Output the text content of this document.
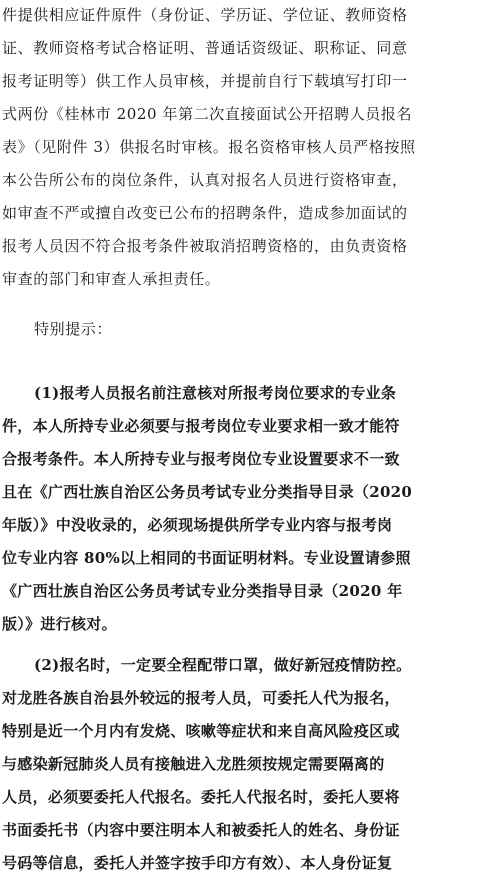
件提供相应证件原件（身份证、学历证、学位证、教师资格
证、教师资格考试合格证明、普通话资级证、职称证、同意
报考证明等）供工作人员审核，并提前自行下载填写打印一
式两份《桂林市 2020 年第二次直接面试公开招聘人员报名
表》（见附件 3）供报名时审核。报名资格审核人员严格按照
本公告所公布的岗位条件，认真对报名人员进行资格审查，
如审查不严或擅自改变已公布的招聘条件，造成参加面试的
报考人员因不符合报考条件被取消招聘资格的，由负责资格
审查的部门和审查人承担责任。
特别提示：
(1)报考人员报名前注意核对所报考岗位要求的专业条
件，本人所持专业必须要与报考岗位专业要求相一致才能符
合报考条件。本人所持专业与报考岗位专业设置要求不一致
且在《广西壮族自治区公务员考试专业分类指导目录（2020
年版）》中没收录的，必须现场提供所学专业内容与报考岗
位专业内容 80%以上相同的书面证明材料。专业设置请参照
《广西壮族自治区公务员考试专业分类指导目录（2020 年
版）》进行核对。
(2)报名时，一定要全程配带口罩，做好新冠疫情防控。
对龙胜各族自治县外较远的报考人员，可委托人代为报名，
特别是近一个月内有发烧、咳嗽等症状和来自高风险疫区或
与感染新冠肺炎人员有接触进入龙胜须按规定需要隔离的
人员，必须要委托人代报名。委托人代报名时，委托人要将
书面委托书（内容中要注明本人和被委托人的姓名、身份证
号码等信息，委托人并签字按手印方有效）、本人身份证复
